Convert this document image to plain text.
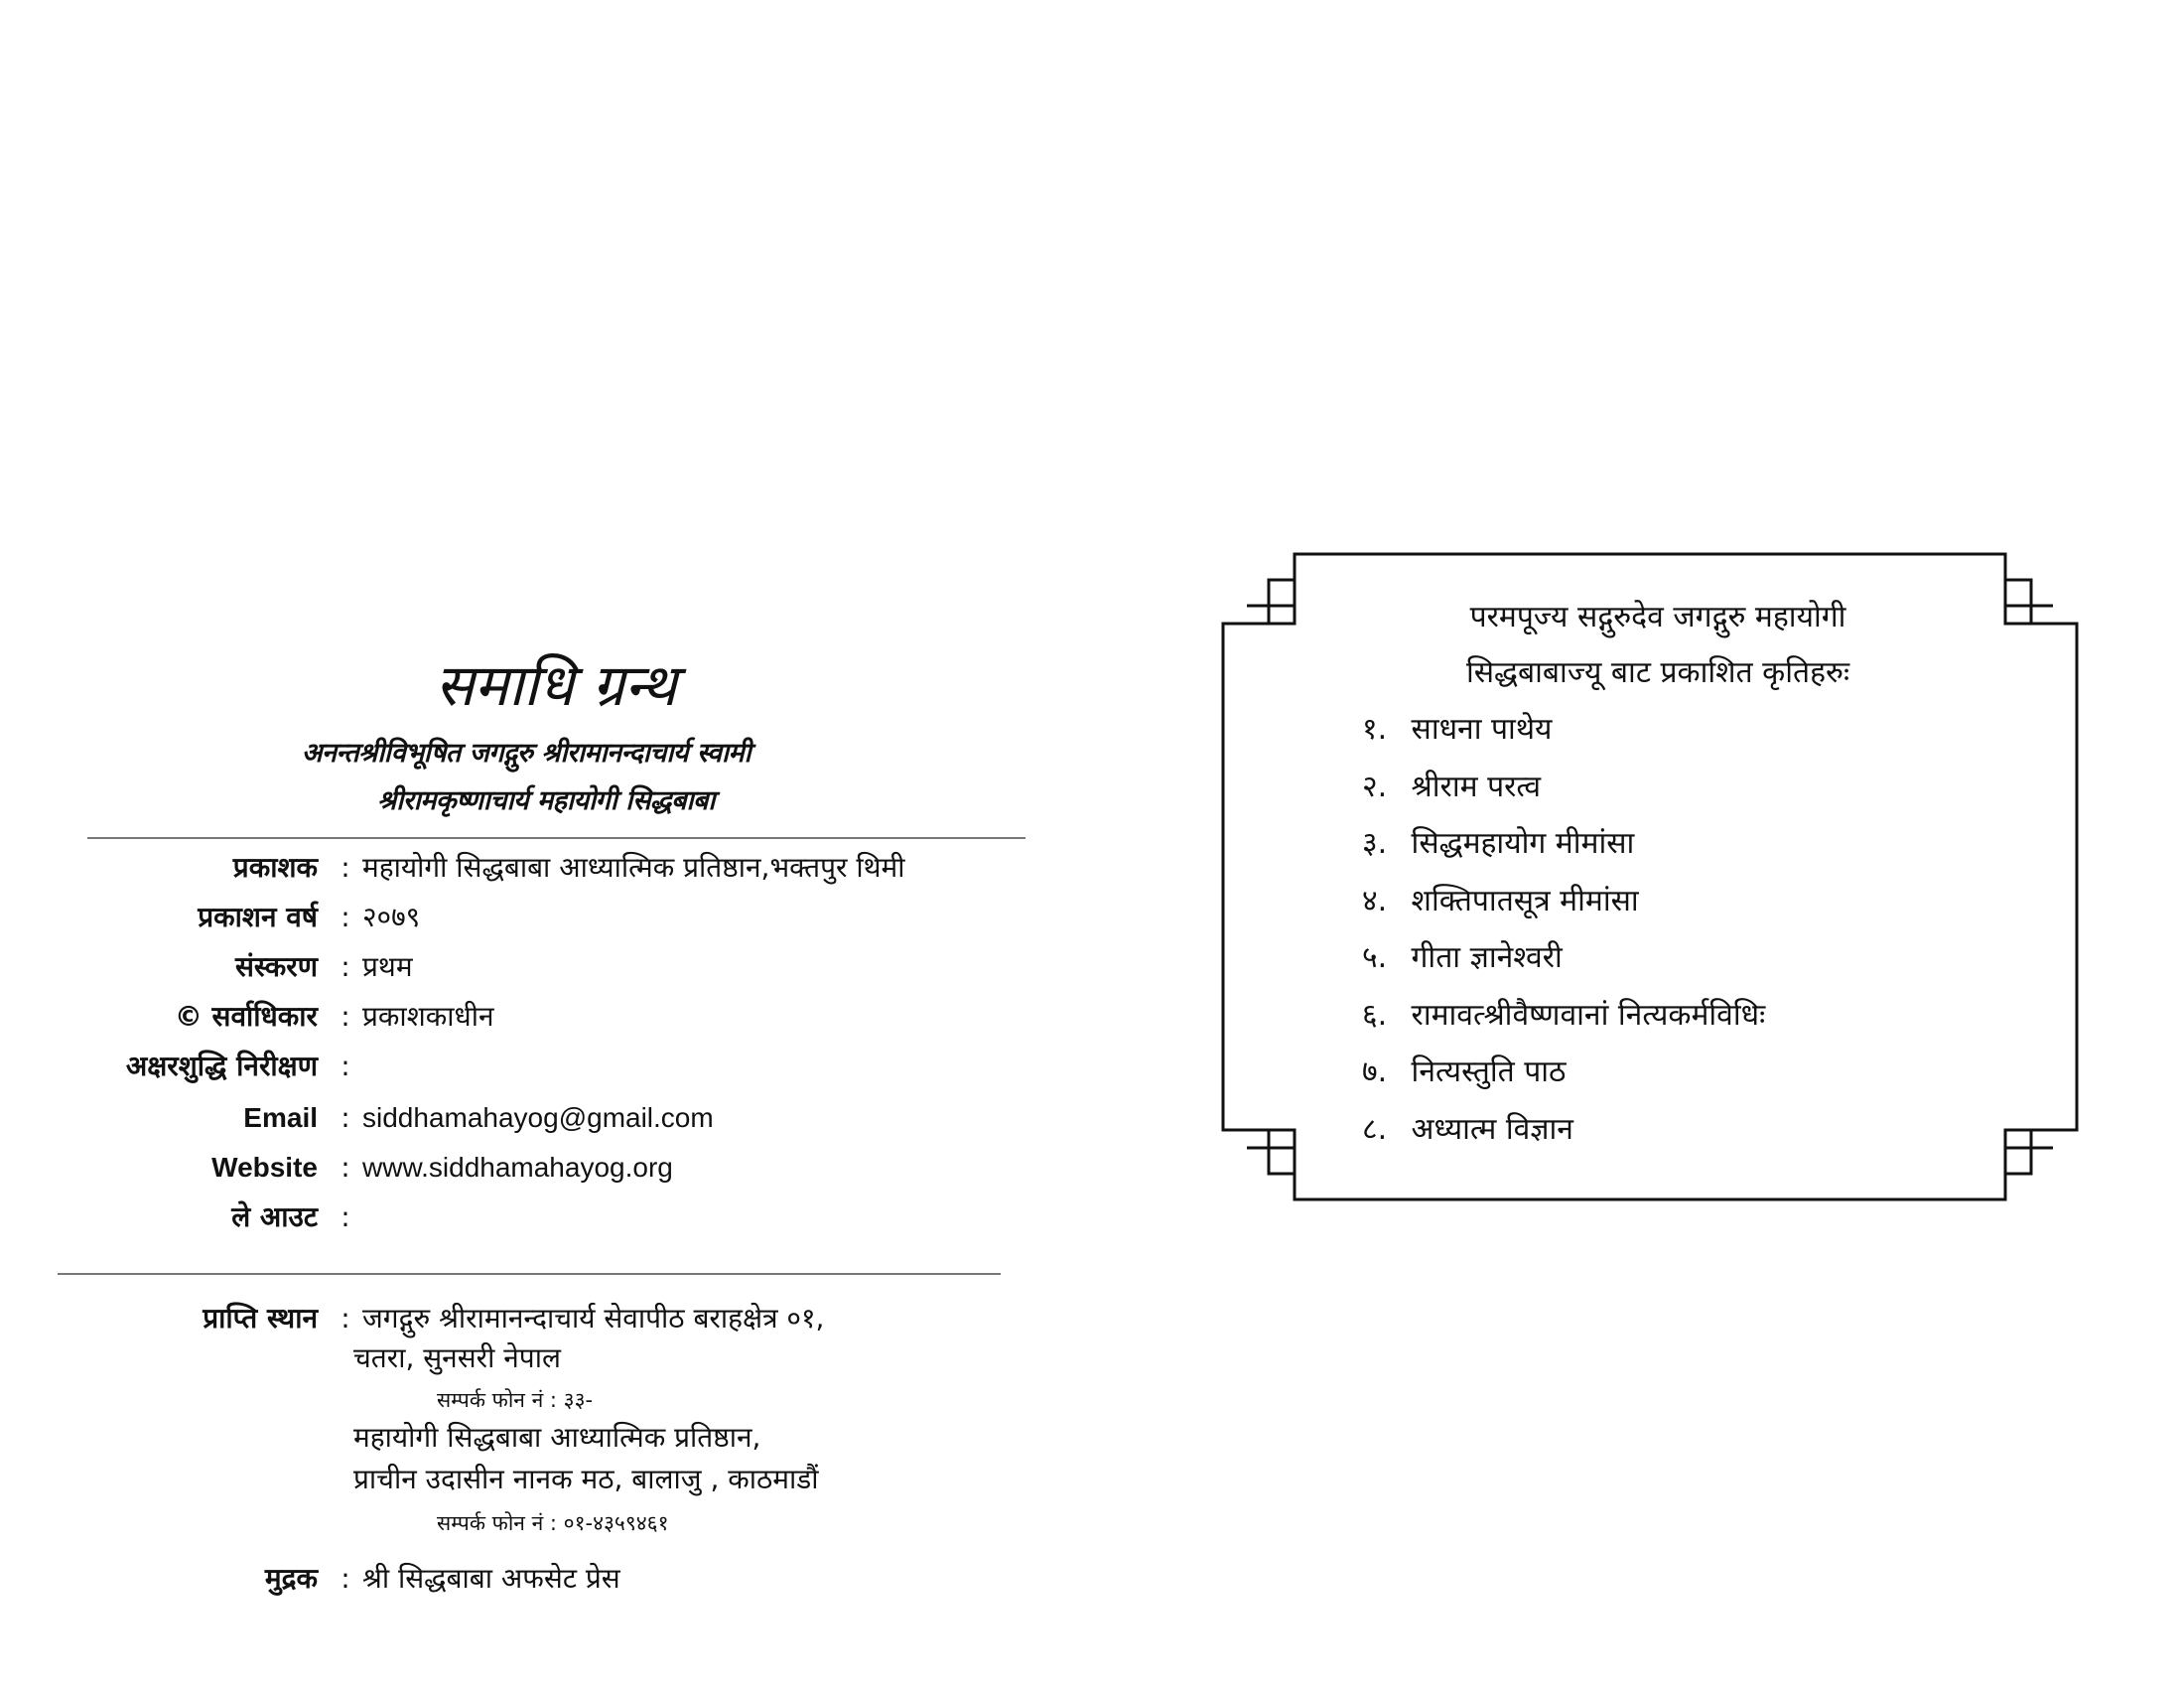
समाधि ग्रन्थ
अनन्तश्रीविभूषित जगद्गुरु श्रीरामानन्दाचार्य स्वामी
श्रीरामकृष्णाचार्य महायोगी सिद्धबाबा
प्रकाशक : महायोगी सिद्धबाबा आध्यात्मिक प्रतिष्ठान,भक्तपुर थिमी
प्रकाशन वर्ष : २०७९
संस्करण : प्रथम
© सर्वाधिकार : प्रकाशकाधीन
अक्षरशुद्धि निरीक्षण :
Email : siddhamahayog@gmail.com
Website : www.siddhamahayog.org
ले आउट :
प्राप्ति स्थान : जगद्गुरु श्रीरामानन्दाचार्य सेवापीठ बराहक्षेत्र ०१,
चतरा, सुनसरी नेपाल
सम्पर्क फोन नं : ३३-
महायोगी सिद्धबाबा आध्यात्मिक प्रतिष्ठान,
प्राचीन उदासीन नानक मठ, बालाजु , काठमाडौं
सम्पर्क फोन नं : ०१-४३५९४६१
मुद्रक : श्री सिद्धबाबा अफसेट प्रेस
परमपूज्य सद्गुरुदेव जगद्गुरु महायोगी
सिद्धबाबाज्यू बाट प्रकाशित कृतिहरुः
१. साधना पाथेय
२. श्रीराम परत्व
३. सिद्धमहायोग मीमांसा
४. शक्तिपातसूत्र मीमांसा
५. गीता ज्ञानेश्वरी
६. रामावत्श्रीवैष्णवानां नित्यकर्मविधिः
७. नित्यस्तुति पाठ
८. अध्यात्म विज्ञान
